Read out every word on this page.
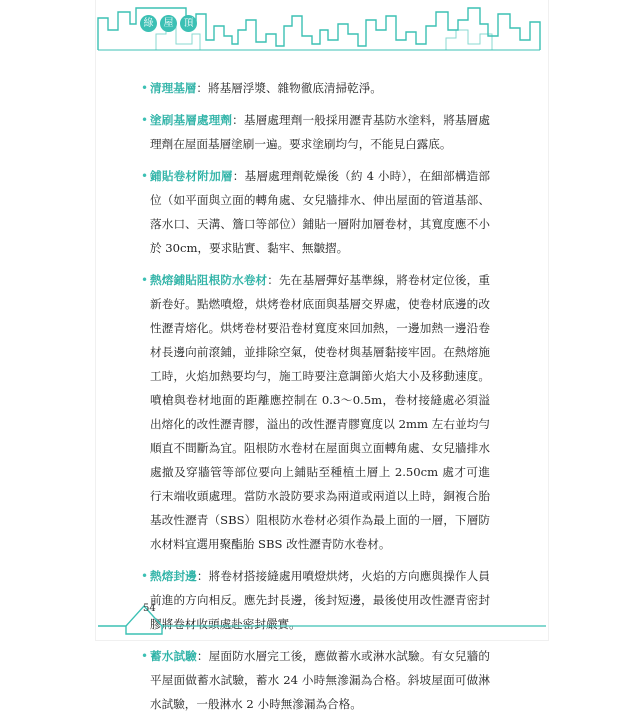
綠	屋	頂
• 清理基層：將基層浮漿、雜物徹底清掃乾淨。

• 塗刷基層處理劑：基層處理劑一般採用瀝青基防水塗料，將基層處理劑在屋面基層塗刷一遍。要求塗刷均勻，不能見白露底。

• 鋪貼卷材附加層：基層處理劑乾燥後（約 4 小時），在細部構造部位（如平面與立面的轉角處、女兒牆排水、伸出屋面的管道基部、落水口、天溝、簷口等部位）鋪貼一層附加層卷材，其寬度應不小於 30cm，要求貼實、黏牢、無皺摺。

• 熱熔鋪貼阻根防水卷材：先在基層彈好基準線，將卷材定位後，重新卷好。點燃噴燈，烘烤卷材底面與基層交界處，使卷材底邊的改性瀝青熔化。烘烤卷材要沿卷材寬度來回加熱，一邊加熱一邊沿卷材長邊向前滾鋪，並排除空氣，使卷材與基層黏接牢固。在熱熔施工時，火焰加熱要均勻，施工時要注意調節火焰大小及移動速度。噴槍與卷材地面的距離應控制在 0.3～0.5m，卷材接縫處必須溢出熔化的改性瀝青膠，溢出的改性瀝青膠寬度以 2mm 左右並均勻順直不間斷為宜。阻根防水卷材在屋面與立面轉角處、女兒牆排水處撤及穿牆管等部位要向上鋪貼至種植土層上 2.50cm 處才可進行末端收頭處理。當防水設防要求為兩道或兩道以上時，銅複合胎基改性瀝青（SBS）阻根防水卷材必須作為最上面的一層，下層防水材料宜選用聚酯胎 SBS 改性瀝青防水卷材。

• 熱熔封邊：將卷材搭接縫處用噴燈烘烤，火焰的方向應與操作人員前進的方向相反。應先封長邊，後封短邊，最後使用改性瀝青密封膠將卷材收頭處赴密封嚴實。

• 蓄水試驗：屋面防水層完工後，應做蓄水或淋水試驗。有女兒牆的平屋面做蓄水試驗，蓄水 24 小時無滲漏為合格。斜坡屋面可做淋水試驗，一般淋水 2 小時無滲漏為合格。

54
